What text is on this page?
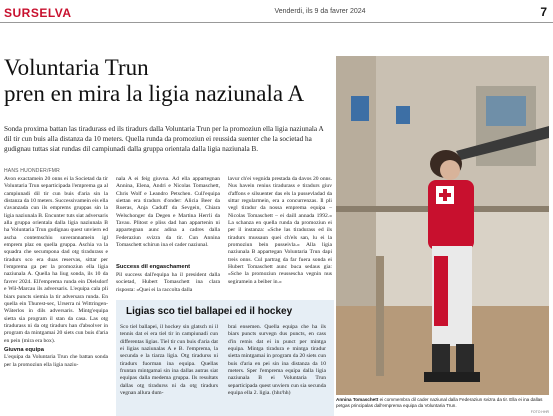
SURSELVA	Venderdi, ils 9 da favrer 2024	7
Voluntaria Trun
pren en mira la ligia naziunala A
Sonda proxima battan las tiradurass ed ils tiradurs dalla Voluntaria Trun per la promoziun ella ligia naziunala A dil tir cun buis alla distanza da 10 meters. Quella runda da promoziun ei reussida suenter che la societad ha gudignau tuttas siat rundas dil campiunadi dalla gruppa orientala dalla ligia naziunala B.
HANS HUONDER/FMR
Avon exactamein 20 onns ei la Societad da tir Voluntaria Trun separticipada l'emprema ga al campiunadi dil tir cun buis d'aria sin la distanza da 10 meters. Successivamein eis ella s'avanzada cun ils emprems gruppas sin la ligia naziunala B. Encunter tuts siat adversaris alla gruppa orientala dalla ligia naziunala B ha Voluntaria Trun gudignau quest unviern ed ascha contemschiu suverannamein igl emprem plaz en quella gruppa. Aschia va la squadra che secumpona dad otg tiradurass e tiradurs sco era duas reservas, sittar per l'emprema ga per la promoziun ella ligia naziunala A. Quella ha liug sonda, ils 10 da favrer 2024. Ell'emprema runda ein Dielsdorf e Wil-Marcau ils adversaris. L'equipa cala pli biars puncts siemia la tir adversara runda. En quella ein Thurest-sec, Urserra ni Wittringen-Wäterlos in dils adversaris. Mintg'equipa sietta sia program il stan da casa. Las otg tiradurass ni da otg tiradurs han d'absolver in program da mintgamai 20 siets cun buis d'aria en pein (mira era box).
Giuvna equipa
L'equipa da Voluntaria Trun che battan sonda per la promoziun ella ligia naziu-
nala A ei feig giuvna. Ad ella appartegnan Annina, Elena, Andri e Nicolas Tomaschett, Chris Wolf e Leandro Petschen. Cull'equipa siettan era tiradurs d'onder: Alicia Beer da Rueras, Anja Caduff da Sevgein, Chiara Welschonger da Degen e Martina Herrli da Tavau. Plitost e pliss dad han appartenin ni appartegnan aunc adina a cadres dalla Federaziun svizra da tir. Cun Annina Tomaschett schirun ina el cader naziunal.
Success dil engaschament
Pil success dall'equipa ha il president dalla societad, Hubert Tomaschett ina clara risposta: «Quei ei la raccolta dalla
lavur ch'ei vegnida prestada da davos 20 onns. Nus havein renius tiradurass e tiradurs giuv d'affons e silsuenter das els la pussevladad da sittar regularmein, era a concurrenzas. Il pli vegl tiradur da nossa emprema equipa – Nicolas Tomaschett – ei daill annada 1992.» La schanza en quella runda da promoziun ei per il instanza: «Sche las tiradurass ed ils tiradurs mussaun quei ch'els san, lu ei la promoziun bein pusseivla.» Alla ligia naziunala B appartegan Voluntaria Trun dapi treis onns. Cul partrag da far fuera sonda ei Hubert Tomaschett aunc buca sedaus gia: «Sche la promoziun reussescha vegnin nus segiramein a beiber in.»
Ligias sco tiel ballapei ed il hockey
Sco tiel ballapei, il hockey sin glatsch ni il tennis dat ei era tiel tir in campiunadi cun differentas ligias. Tiel tir cun buis d'aria dat ei ligias naziunalas A e B. l'emprema, la secunda e la tiarza ligia. Otg tiradurss ni tiradurs fuorman ina equipa. Quellas fruntan mintgamai sin ina dallas autras siat equipas dalla medema gruppa. Ils resultats dallas otg tiradurss ni da otg tiradurs vegnan allura dum-
brai ensemen. Quella equipa che ha ils biars puncts survegn dus puncts, en cass d'in remis dat ei in punct per mintga equipa. Mintga tiradura e mintga tiradur sietta mintgamai in program da 20 siets cun buis d'aria en pei sin ina distanza da 10 meters. Sper l'emprema equipa dalla ligia naziunala B ei Voluntaria Trun separticipada quest unviern cun sia secunda equipa ella 2. ligia. (hhr/hh)
Annina Tomaschett ei commembra dil cader naziunal dalla Federaziun svizra da tir. Ella ei ina dallas petgas principalas dall'emprema equipa da Voluntaria Trun.
FOTO HHR
